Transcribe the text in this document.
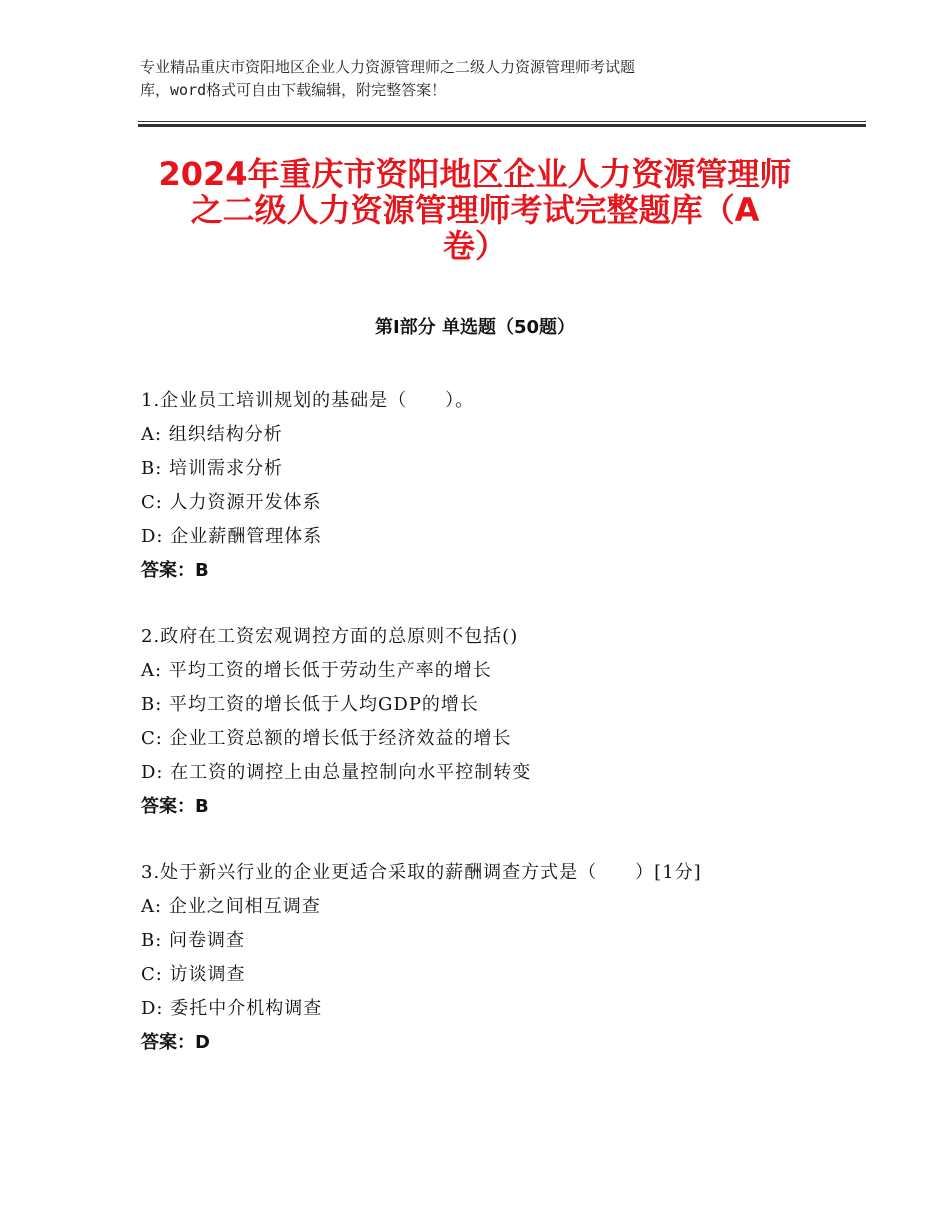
专业精品重庆市资阳地区企业人力资源管理师之二级人力资源管理师考试题
库，word格式可自由下载编辑，附完整答案！
2024年重庆市资阳地区企业人力资源管理师
之二级人力资源管理师考试完整题库（A
卷）
第Ⅰ部分 单选题（50题）
1.企业员工培训规划的基础是（　　）。
A: 组织结构分析
B: 培训需求分析
C: 人力资源开发体系
D: 企业薪酬管理体系
答案：B
2.政府在工资宏观调控方面的总原则不包括()
A: 平均工资的增长低于劳动生产率的增长
B: 平均工资的增长低于人均GDP的增长
C: 企业工资总额的增长低于经济效益的增长
D: 在工资的调控上由总量控制向水平控制转变
答案：B
3.处于新兴行业的企业更适合采取的薪酬调查方式是（　　）[1分]
A: 企业之间相互调查
B: 问卷调查
C: 访谈调查
D: 委托中介机构调查
答案：D
